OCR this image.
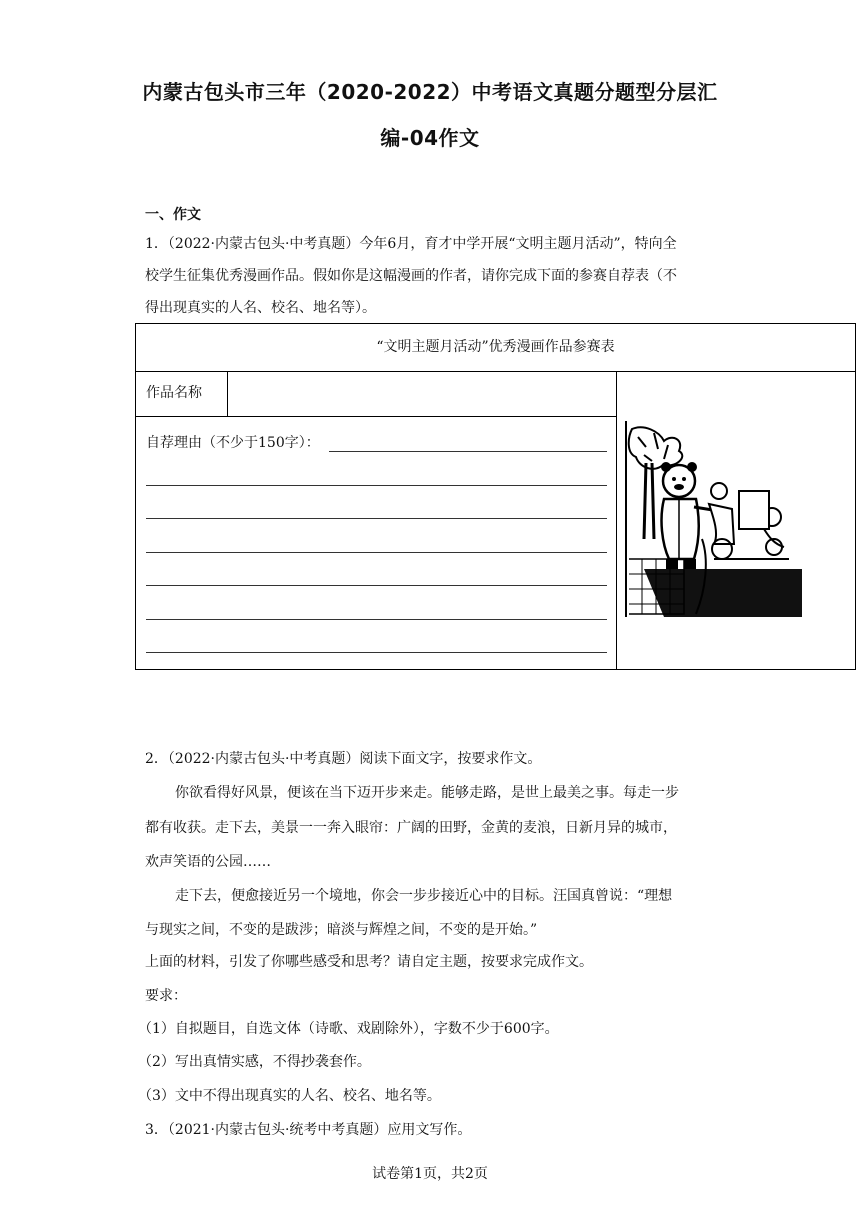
内蒙古包头市三年（2020-2022）中考语文真题分题型分层汇
编-04作文
一、作文
1．（2022·内蒙古包头·中考真题）今年6月，育才中学开展“文明主题月活动”，特向全
校学生征集优秀漫画作品。假如你是这幅漫画的作者，请你完成下面的参赛自荐表（不
得出现真实的人名、校名、地名等）。
“文明主题月活动”优秀漫画作品参赛表
作品名称
自荐理由（不少于150字）：
2．（2022·内蒙古包头·中考真题）阅读下面文字，按要求作文。
你欲看得好风景，便该在当下迈开步来走。能够走路，是世上最美之事。每走一步
都有收获。走下去，美景一一奔入眼帘：广阔的田野，金黄的麦浪，日新月异的城市，
欢声笑语的公园……
走下去，便愈接近另一个境地，你会一步步接近心中的目标。汪国真曾说：“理想
与现实之间，不变的是跋涉；暗淡与辉煌之间，不变的是开始。”
上面的材料，引发了你哪些感受和思考？请自定主题，按要求完成作文。
要求：
（1）自拟题目，自选文体（诗歌、戏剧除外），字数不少于600字。
（2）写出真情实感，不得抄袭套作。
（3）文中不得出现真实的人名、校名、地名等。
3．（2021·内蒙古包头·统考中考真题）应用文写作。
试卷第1页，共2页
